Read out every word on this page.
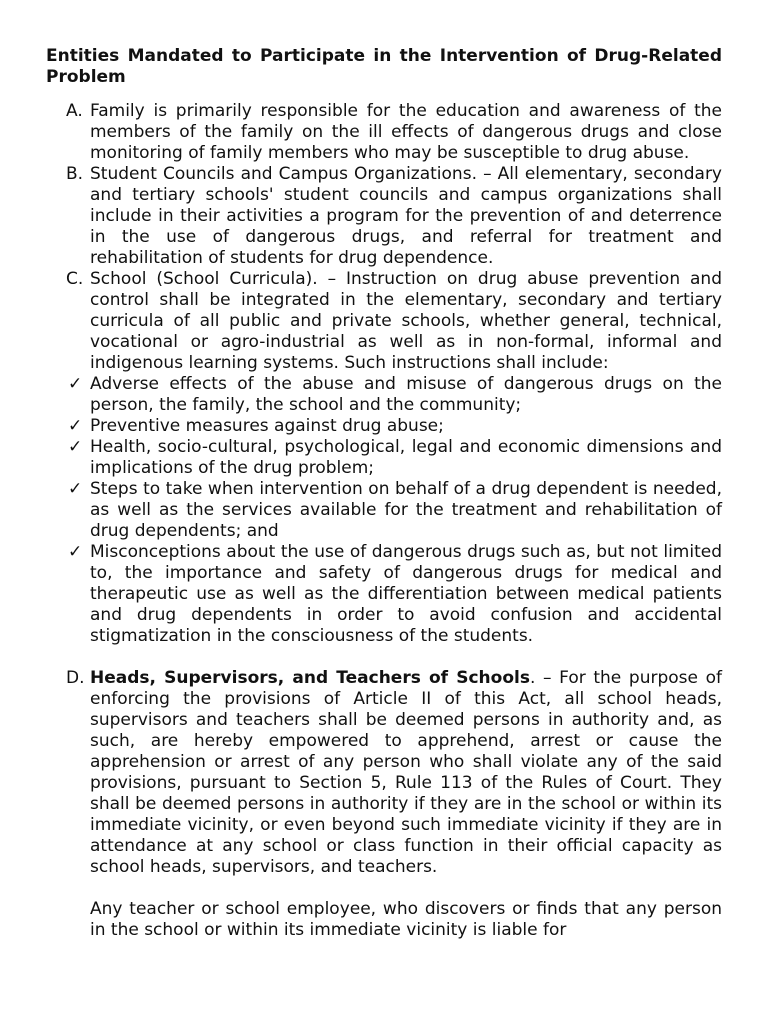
Entities Mandated to Participate in the Intervention of Drug-Related Problem

A. Family is primarily responsible for the education and awareness of the members of the family on the ill effects of dangerous drugs and close monitoring of family members who may be susceptible to drug abuse.

B. Student Councils and Campus Organizations. – All elementary, secondary and tertiary schools' student councils and campus organizations shall include in their activities a program for the prevention of and deterrence in the use of dangerous drugs, and referral for treatment and rehabilitation of students for drug dependence.

C. School (School Curricula). – Instruction on drug abuse prevention and control shall be integrated in the elementary, secondary and tertiary curricula of all public and private schools, whether general, technical, vocational or agro-industrial as well as in non-formal, informal and indigenous learning systems. Such instructions shall include:

✓ Adverse effects of the abuse and misuse of dangerous drugs on the person, the family, the school and the community;

✓ Preventive measures against drug abuse;

✓ Health, socio-cultural, psychological, legal and economic dimensions and implications of the drug problem;

✓ Steps to take when intervention on behalf of a drug dependent is needed, as well as the services available for the treatment and rehabilitation of drug dependents; and

✓ Misconceptions about the use of dangerous drugs such as, but not limited to, the importance and safety of dangerous drugs for medical and therapeutic use as well as the differentiation between medical patients and drug dependents in order to avoid confusion and accidental stigmatization in the consciousness of the students.

D. Heads, Supervisors, and Teachers of Schools. – For the purpose of enforcing the provisions of Article II of this Act, all school heads, supervisors and teachers shall be deemed persons in authority and, as such, are hereby empowered to apprehend, arrest or cause the apprehension or arrest of any person who shall violate any of the said provisions, pursuant to Section 5, Rule 113 of the Rules of Court. They shall be deemed persons in authority if they are in the school or within its immediate vicinity, or even beyond such immediate vicinity if they are in attendance at any school or class function in their official capacity as school heads, supervisors, and teachers.

Any teacher or school employee, who discovers or finds that any person in the school or within its immediate vicinity is liable for
